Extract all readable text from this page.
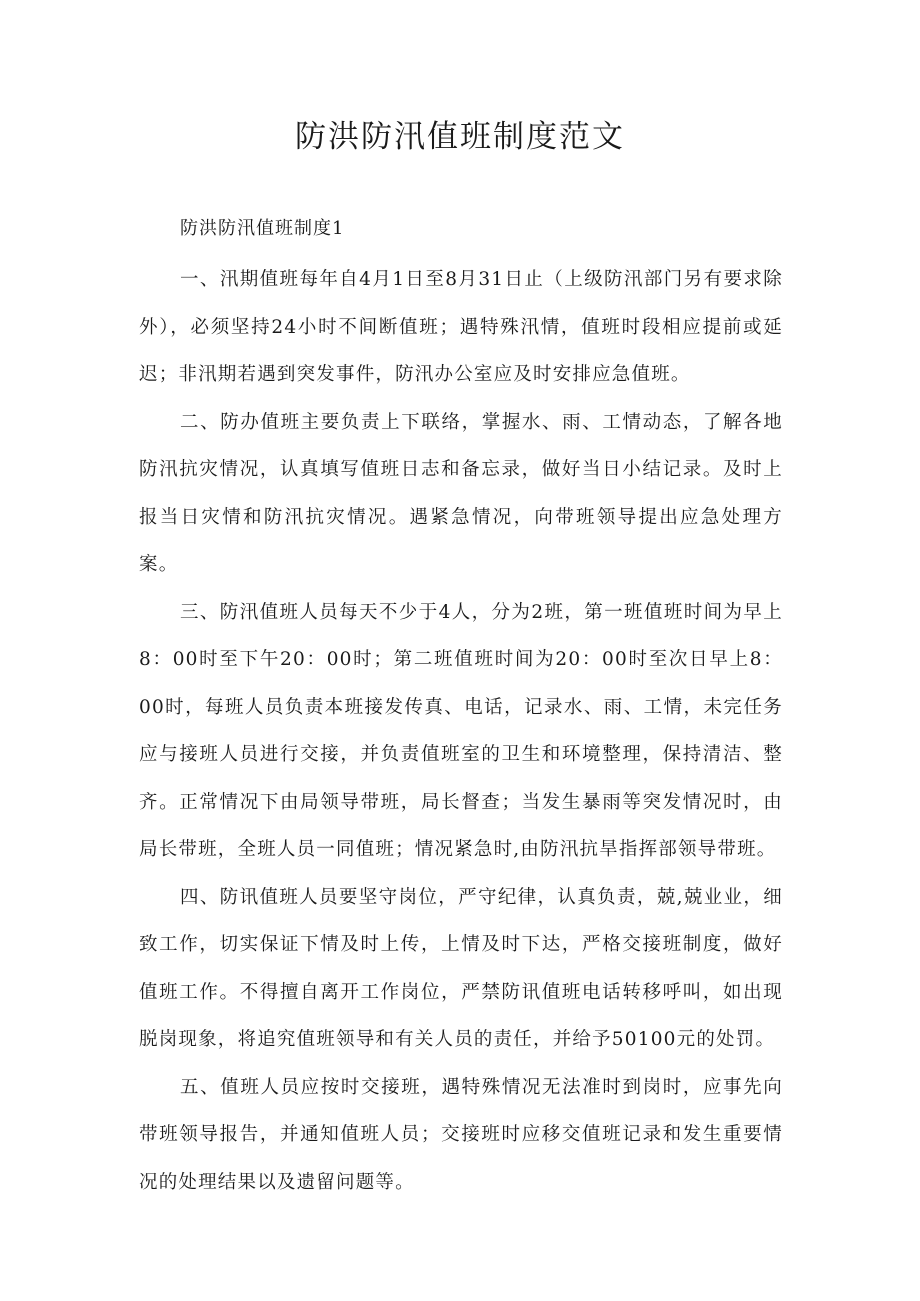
防洪防汛值班制度范文

防洪防汛值班制度1

一、汛期值班每年自4月1日至8月31日止（上级防汛部门另有要求除外），必须坚持24小时不间断值班；遇特殊汛情，值班时段相应提前或延迟；非汛期若遇到突发事件，防汛办公室应及时安排应急值班。

二、防办值班主要负责上下联络，掌握水、雨、工情动态，了解各地防汛抗灾情况，认真填写值班日志和备忘录，做好当日小结记录。及时上报当日灾情和防汛抗灾情况。遇紧急情况，向带班领导提出应急处理方案。

三、防汛值班人员每天不少于4人，分为2班，第一班值班时间为早上8：00时至下午20：00时；第二班值班时间为20：00时至次日早上8：00时，每班人员负责本班接发传真、电话，记录水、雨、工情，未完任务应与接班人员进行交接，并负责值班室的卫生和环境整理，保持清洁、整齐。正常情况下由局领导带班，局长督查；当发生暴雨等突发情况时，由局长带班，全班人员一同值班；情况紧急时,由防汛抗旱指挥部领导带班。

四、防讯值班人员要坚守岗位，严守纪律，认真负责，兢,兢业业，细致工作，切实保证下情及时上传，上情及时下达，严格交接班制度，做好值班工作。不得擅自离开工作岗位，严禁防讯值班电话转移呼叫，如出现脱岗现象，将追究值班领导和有关人员的责任，并给予50100元的处罚。

五、值班人员应按时交接班，遇特殊情况无法准时到岗时，应事先向带班领导报告，并通知值班人员；交接班时应移交值班记录和发生重要情况的处理结果以及遗留问题等。
